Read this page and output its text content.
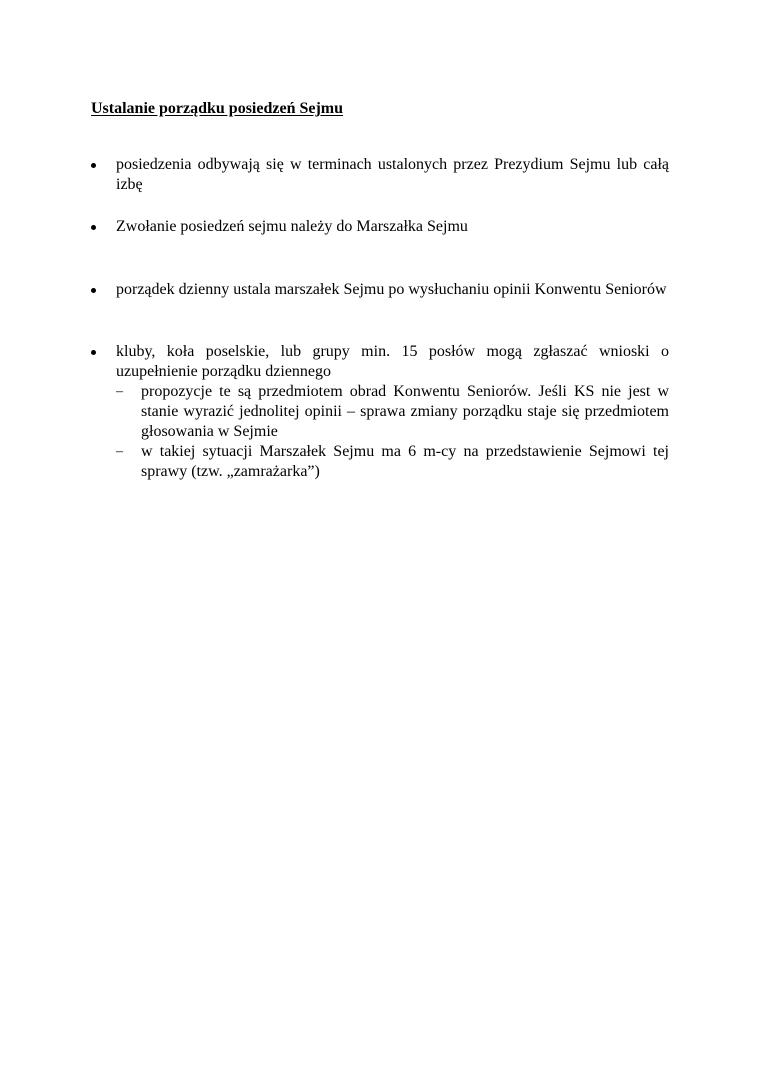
Ustalanie porządku posiedzeń Sejmu
posiedzenia odbywają się w terminach ustalonych przez Prezydium Sejmu lub całą izbę
Zwołanie posiedzeń sejmu należy do Marszałka Sejmu
porządek dzienny ustala marszałek Sejmu po wysłuchaniu opinii Konwentu Seniorów
kluby, koła poselskie, lub grupy min. 15 posłów mogą zgłaszać wnioski o uzupełnienie porządku dziennego
– propozycje te są przedmiotem obrad Konwentu Seniorów. Jeśli KS nie jest w stanie wyrazić jednolitej opinii – sprawa zmiany porządku staje się przedmiotem głosowania w Sejmie
– w takiej sytuacji Marszałek Sejmu ma 6 m-cy na przedstawienie Sejmowi tej sprawy (tzw. „zamrażarka”)
